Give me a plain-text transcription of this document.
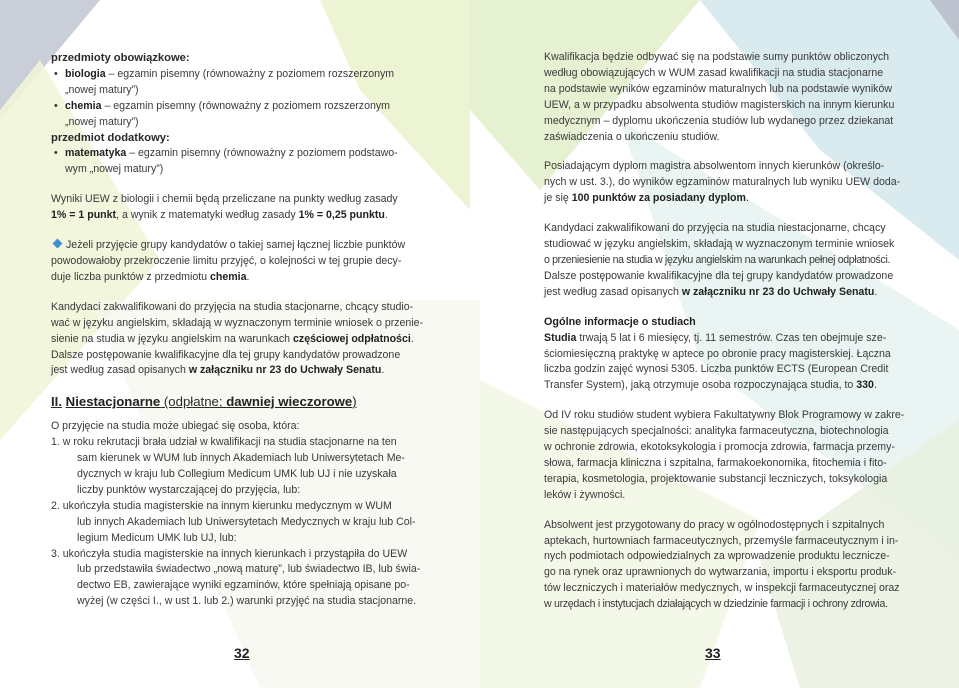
przedmioty obowiązkowe:
• biologia – egzamin pisemny (równoważny z poziomem rozszerzonym
„nowej matury”)
• chemia – egzamin pisemny (równoważny z poziomem rozszerzonym
„nowej matury”)
przedmiot dodatkowy:
• matematyka – egzamin pisemny (równoważny z poziomem podstawo-
wym „nowej matury”)

Wyniki UEW z biologii i chemii będą przeliczane na punkty według zasady
1% = 1 punkt, a wynik z matematyki według zasady 1% = 0,25 punktu.

Jeżeli przyjęcie grupy kandydatów o takiej samej łącznej liczbie punktów
powodowałoby przekroczenie limitu przyjęć, o kolejności w tej grupie decy-
duje liczba punktów z przedmiotu chemia.

Kandydaci zakwalifikowani do przyjęcia na studia stacjonarne, chcący studio-
wać w języku angielskim, składają w wyznaczonym terminie wniosek o przenie-
sienie na studia w języku angielskim na warunkach częściowej odpłatności.
Dalsze postępowanie kwalifikacyjne dla tej grupy kandydatów prowadzone
jest według zasad opisanych w załączniku nr 23 do Uchwały Senatu.

II. Niestacjonarne (odpłatne; dawniej wieczorowe)

O przyjęcie na studia może ubiegać się osoba, która:

1. w roku rekrutacji brała udział w kwalifikacji na studia stacjonarne na ten
sam kierunek w WUM lub innych Akademiach lub Uniwersytetach Me-
dycznych w kraju lub Collegium Medicum UMK lub UJ i nie uzyskała
liczby punktów wystarczającej do przyjęcia, lub:
2. ukończyła studia magisterskie na innym kierunku medycznym w WUM
lub innych Akademiach lub Uniwersytetach Medycznych w kraju lub Col-
legium Medicum UMK lub UJ, lub:
3. ukończyła studia magisterskie na innych kierunkach i przystąpiła do UEW
lub przedstawiła świadectwo „nową maturę”, lub świadectwo IB, lub świa-
dectwo EB, zawierające wyniki egzaminów, które spełniają opisane po-
wyżej (w części I., w ust 1. lub 2.) warunki przyjęć na studia stacjonarne.
32

Kwalifikacja będzie odbywać się na podstawie sumy punktów obliczonych
według obowiązujących w WUM zasad kwalifikacji na studia stacjonarne
na podstawie wyników egzaminów maturalnych lub na podstawie wyników
UEW, a w przypadku absolwenta studiów magisterskich na innym kierunku
medycznym – dyplomu ukończenia studiów lub wydanego przez dziekanat
zaświadczenia o ukończeniu studiów.

Posiadającym dyplom magistra absolwentom innych kierunków (określo-
nych w ust. 3.), do wyników egzaminów maturalnych lub wyniku UEW doda-
je się 100 punktów za posiadany dyplom.

Kandydaci zakwalifikowani do przyjęcia na studia niestacjonarne, chcący
studiować w języku angielskim, składają w wyznaczonym terminie wniosek
o przeniesienie na studia w języku angielskim na warunkach pełnej odpłatności.
Dalsze postępowanie kwalifikacyjne dla tej grupy kandydatów prowadzone
jest według zasad opisanych w załączniku nr 23 do Uchwały Senatu.

Ogólne informacje o studiach

Studia trwają 5 lat i 6 miesięcy, tj. 11 semestrów. Czas ten obejmuje sze-
ściomiesięczną praktykę w aptece po obronie pracy magisterskiej. Łączna
liczba godzin zajęć wynosi 5305. Liczba punktów ECTS (European Credit
Transfer System), jaką otrzymuje osoba rozpoczynająca studia, to 330.

Od IV roku studiów student wybiera Fakultatywny Blok Programowy w zakre-
sie następujących specjalności: analityka farmaceutyczna, biotechnologia
w ochronie zdrowia, ekotoksykologia i promocja zdrowia, farmacja przemy-
słowa, farmacja kliniczna i szpitalna, farmakoekonomika, fitochemia i fito-
terapia, kosmetologia, projektowanie substancji leczniczych, toksykologia
leków i żywności.

Absolwent jest przygotowany do pracy w ogólnodostępnych i szpitalnych
aptekach, hurtowniach farmaceutycznych, przemyśle farmaceutycznym i in-
nych podmiotach odpowiedzialnych za wprowadzenie produktu lecznicze-
go na rynek oraz uprawnionych do wytwarzania, importu i eksportu produk-
tów leczniczych i materiałów medycznych, w inspekcji farmaceutycznej oraz
w urzędach i instytucjach działających w dziedzinie farmacji i ochrony zdrowia.

33
